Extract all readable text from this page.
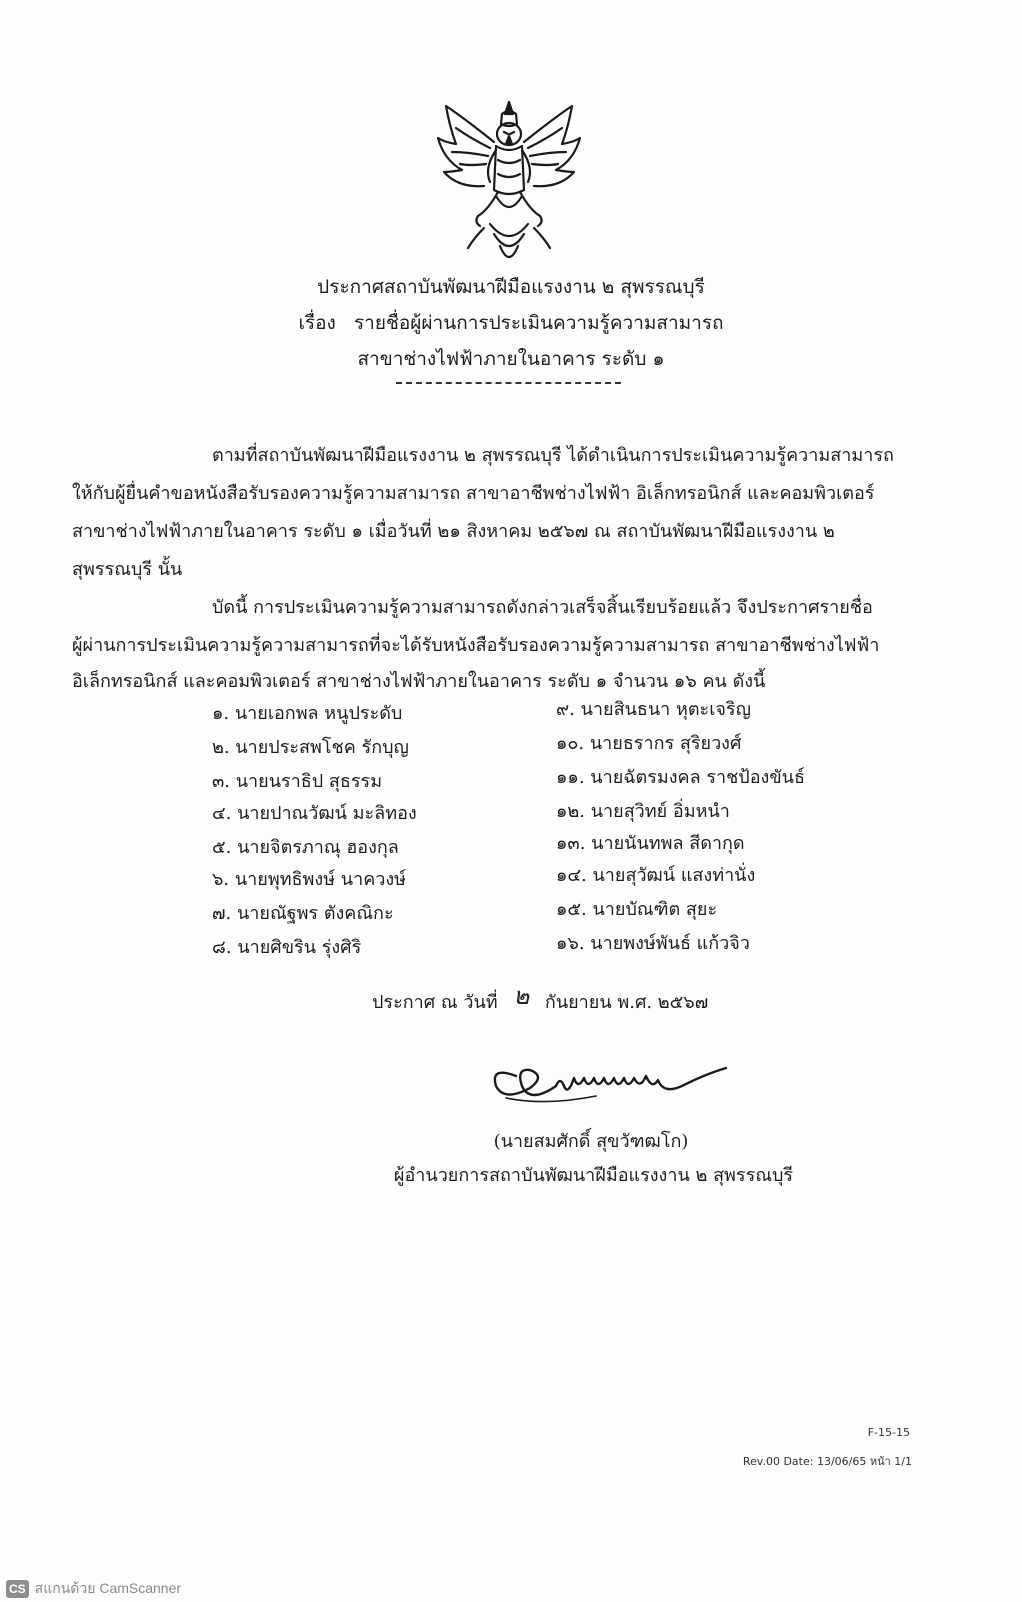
ประกาศสถาบันพัฒนาฝีมือแรงงาน ๒ สุพรรณบุรี
เรื่อง รายชื่อผู้ผ่านการประเมินความรู้ความสามารถ
สาขาช่างไฟฟ้าภายในอาคาร ระดับ ๑
ตามที่สถาบันพัฒนาฝีมือแรงงาน ๒ สุพรรณบุรี ได้ดำเนินการประเมินความรู้ความสามารถ
ให้กับผู้ยื่นคำขอหนังสือรับรองความรู้ความสามารถ สาขาอาชีพช่างไฟฟ้า อิเล็กทรอนิกส์ และคอมพิวเตอร์
สาขาช่างไฟฟ้าภายในอาคาร ระดับ ๑ เมื่อวันที่ ๒๑ สิงหาคม ๒๕๖๗ ณ สถาบันพัฒนาฝีมือแรงงาน ๒
สุพรรณบุรี นั้น
บัดนี้ การประเมินความรู้ความสามารถดังกล่าวเสร็จสิ้นเรียบร้อยแล้ว จึงประกาศรายชื่อ
ผู้ผ่านการประเมินความรู้ความสามารถที่จะได้รับหนังสือรับรองความรู้ความสามารถ สาขาอาชีพช่างไฟฟ้า
อิเล็กทรอนิกส์ และคอมพิวเตอร์ สาขาช่างไฟฟ้าภายในอาคาร ระดับ ๑ จำนวน ๑๖ คน ดังนี้
๑. นายเอกพล หนูประดับ
๒. นายประสพโชค รักบุญ
๓. นายนราธิป สุธรรม
๔. นายปาณวัฒน์ มะลิทอง
๕. นายจิตรภาณุ ฮองกุล
๖. นายพุทธิพงษ์ นาควงษ์
๗. นายณัฐพร ตังคณิกะ
๘. นายศิขริน รุ่งศิริ
๙. นายสินธนา หุตะเจริญ
๑๐. นายธรากร สุริยวงศ์
๑๑. นายฉัตรมงคล ราชป้องขันธ์
๑๒. นายสุวิทย์ อิ่มหนำ
๑๓. นายนันทพล สีดากุด
๑๔. นายสุวัฒน์ แสงท่านั่ง
๑๕. นายบัณฑิต สุยะ
๑๖. นายพงษ์พันธ์ แก้วจิว
ประกาศ ณ วันที่ ๒ กันยายน พ.ศ. ๒๕๖๗
(นายสมศักดิ์ สุขวัฑฒโก)
ผู้อำนวยการสถาบันพัฒนาฝีมือแรงงาน ๒ สุพรรณบุรี
F-15-15
Rev.00 Date: 13/06/65 หน้า 1/1
CS สแกนด้วย CamScanner
